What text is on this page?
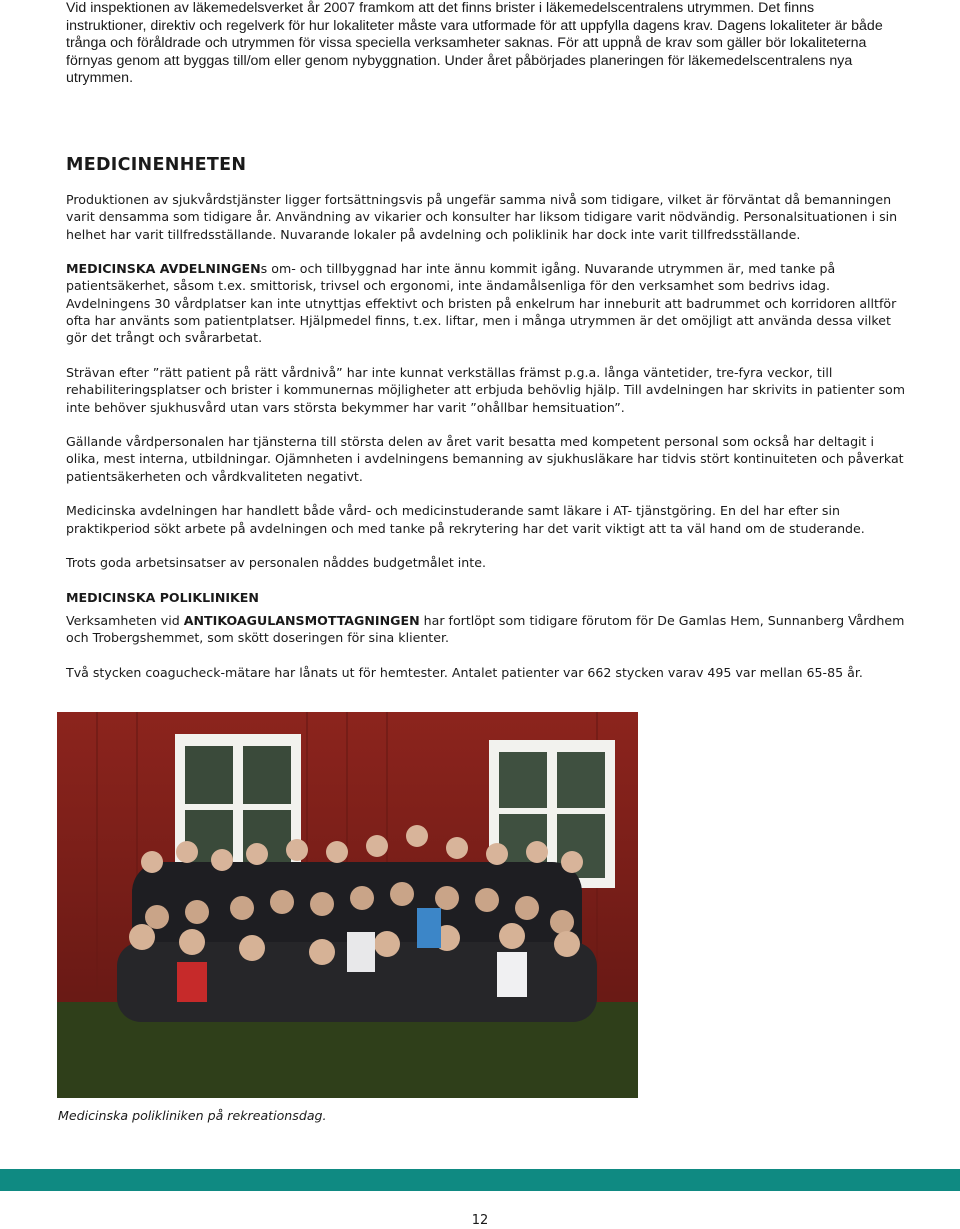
Vid inspektionen av läkemedelsverket år 2007 framkom att det finns brister i läkemedelscentralens utrymmen. Det finns instruktioner, direktiv och regelverk för hur lokaliteter måste vara utformade för att uppfylla dagens krav. Dagens lokaliteter är både trånga och föråldrade och utrymmen för vissa speciella verksamheter saknas. För att uppnå de krav som gäller bör lokaliteterna förnyas genom att byggas till/om eller genom nybyggnation. Under året påbörjades planeringen för läkemedelscentralens nya utrymmen.

MEDICINENHETEN

Produktionen av sjukvårdstjänster ligger fortsättningsvis på ungefär samma nivå som tidigare, vilket är förväntat då bemanningen varit densamma som tidigare år. Användning av vikarier och konsulter har liksom tidigare varit nödvändig. Personalsituationen i sin helhet har varit tillfredsställande. Nuvarande lokaler på avdelning och poliklinik har dock inte varit tillfredsställande.

MEDICINSKA AVDELNINGENs om- och tillbyggnad har inte ännu kommit igång. Nuvarande utrymmen är, med tanke på patientsäkerhet, såsom t.ex. smittorisk, trivsel och ergonomi, inte ändamålsenliga för den verksamhet som bedrivs idag. Avdelningens 30 vårdplatser kan inte utnyttjas effektivt och bristen på enkelrum har inneburit att badrummet och korridoren alltför ofta har använts som patientplatser. Hjälpmedel finns, t.ex. liftar, men i många utrymmen är det omöjligt att använda dessa vilket gör det trångt och svårarbetat.

Strävan efter ”rätt patient på rätt vårdnivå” har inte kunnat verkställas främst p.g.a. långa väntetider, tre-fyra veckor, till rehabiliteringsplatser och brister i kommunernas möjligheter att erbjuda behövlig hjälp. Till avdelningen har skrivits in patienter som inte behöver sjukhusvård utan vars största bekymmer har varit ”ohållbar hemsituation”.

Gällande vårdpersonalen har tjänsterna till största delen av året varit besatta med kompetent personal som också har deltagit i olika, mest interna, utbildningar. Ojämnheten i avdelningens bemanning av sjukhusläkare har tidvis stört kontinuiteten och påverkat patientsäkerheten och vårdkvaliteten negativt.

Medicinska avdelningen har handlett både vård- och medicinstuderande samt läkare i AT- tjänstgöring. En del har efter sin praktikperiod sökt arbete på avdelningen och med tanke på rekrytering har det varit viktigt att ta väl hand om de studerande.

Trots goda arbetsinsatser av personalen nåddes budgetmålet inte.

MEDICINSKA POLIKLINIKEN

Verksamheten vid ANTIKOAGULANSMOTTAGNINGEN har fortlöpt som tidigare förutom för De Gamlas Hem, Sunnanberg Vårdhem och Trobergshemmet, som skött doseringen för sina klienter.

Två stycken coagucheck-mätare har lånats ut för hemtester. Antalet patienter var 662 stycken varav 495 var mellan 65-85 år.

Medicinska polikliniken på rekreationsdag.

12
